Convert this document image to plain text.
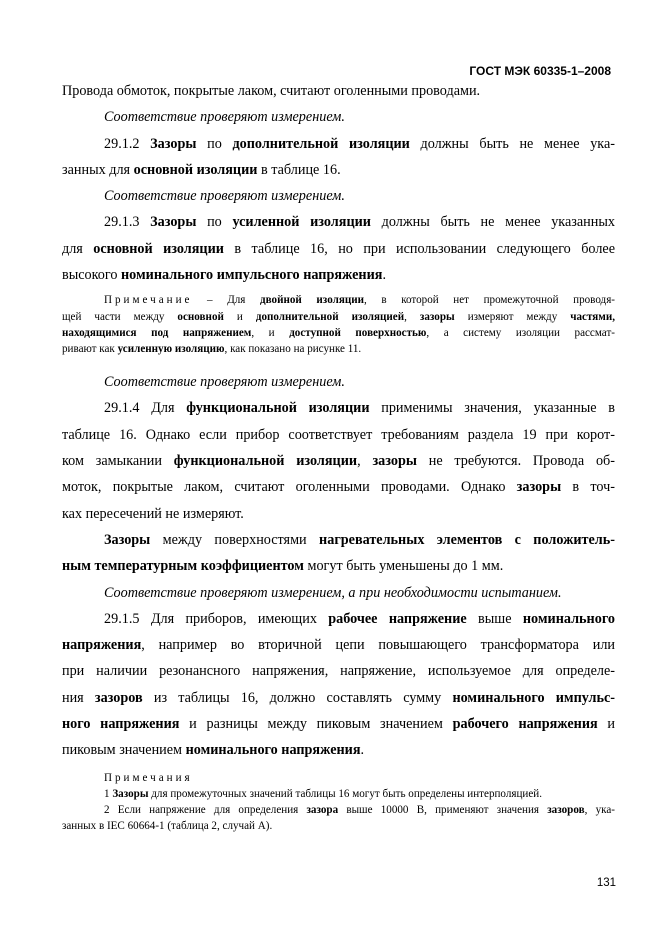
ГОСТ МЭК 60335-1–2008
Провода обмоток, покрытые лаком, считают оголенными проводами.
Соответствие проверяют измерением.
29.1.2 Зазоры по дополнительной изоляции должны быть не менее ука-
занных для основной изоляции в таблице 16.
Соответствие проверяют измерением.
29.1.3 Зазоры по усиленной изоляции должны быть не менее указанных
для основной изоляции в таблице 16, но при использовании следующего более
высокого номинального импульсного напряжения.
Примечание – Для двойной изоляции, в которой нет промежуточной проводя-
щей части между основной и дополнительной изоляцией, зазоры измеряют между частями,
находящимися под напряжением, и доступной поверхностью, а систему изоляции рассмат-
ривают как усиленную изоляцию, как показано на рисунке 11.
Соответствие проверяют измерением.
29.1.4 Для функциональной изоляции применимы значения, указанные в
таблице 16. Однако если прибор соответствует требованиям раздела 19 при корот-
ком замыкании функциональной изоляции, зазоры не требуются. Провода об-
моток, покрытые лаком, считают оголенными проводами. Однако зазоры в точ-
ках пересечений не измеряют.
Зазоры между поверхностями нагревательных элементов с положитель-
ным температурным коэффициентом могут быть уменьшены до 1 мм.
Соответствие проверяют измерением, а при необходимости испытанием.
29.1.5 Для приборов, имеющих рабочее напряжение выше номинального
напряжения, например во вторичной цепи повышающего трансформатора или
при наличии резонансного напряжения, напряжение, используемое для определе-
ния зазоров из таблицы 16, должно составлять сумму номинального импульс-
ного напряжения и разницы между пиковым значением рабочего напряжения и
пиковым значением номинального напряжения.
Примечания
1 Зазоры для промежуточных значений таблицы 16 могут быть определены интерполяцией.
2 Если напряжение для определения зазора выше 10000 В, применяют значения зазоров, ука-
занных в IEC 60664-1 (таблица 2, случай А).
131
